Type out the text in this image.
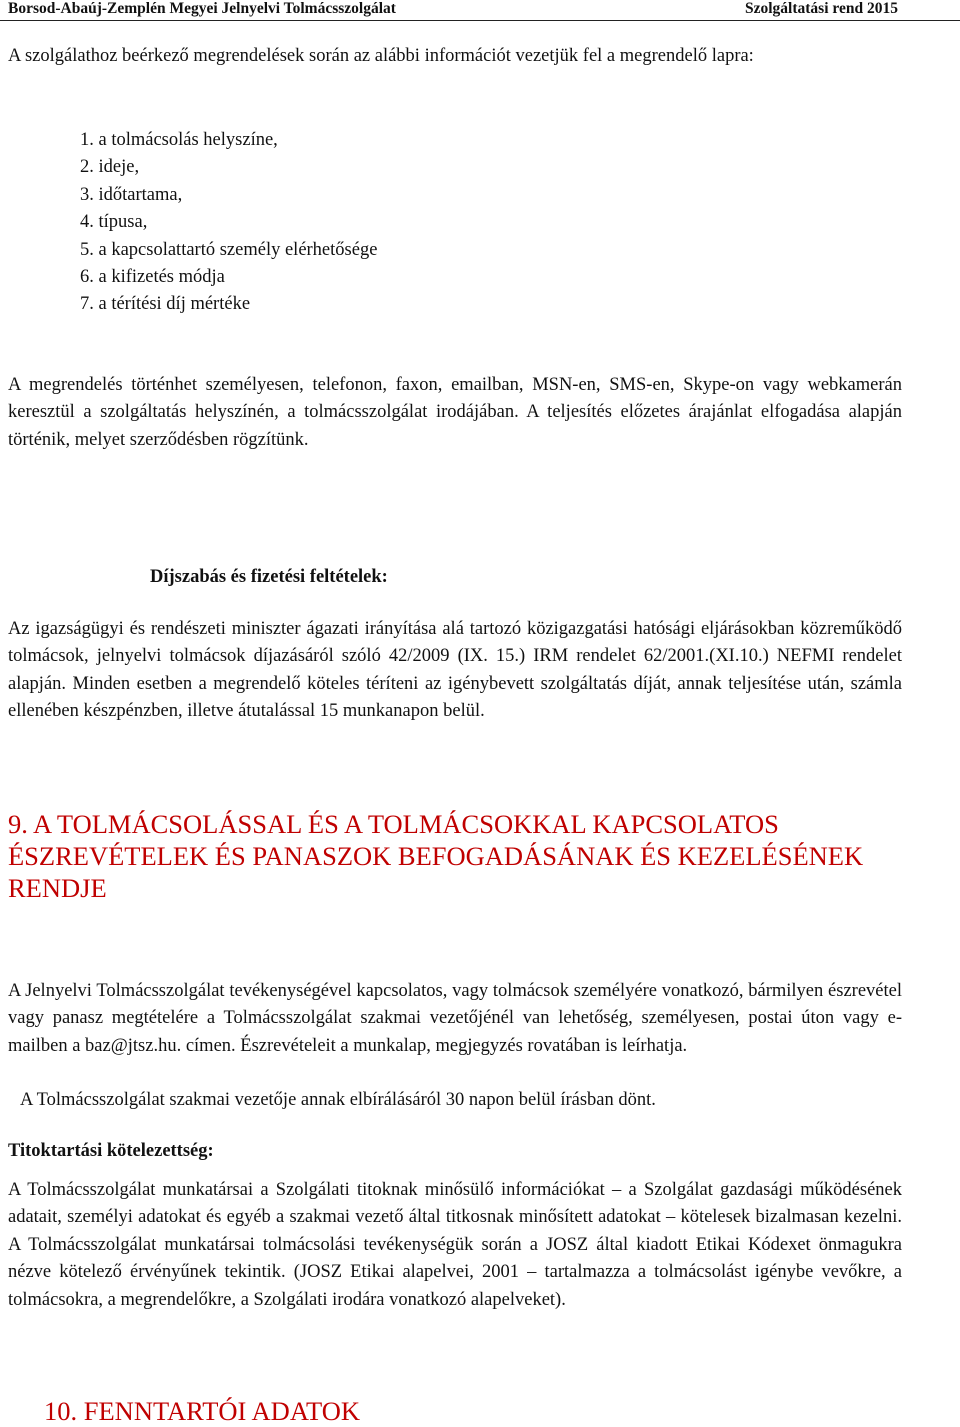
Borsod-Abaúj-Zemplén Megyei Jelnyelvi Tolmácsszolgálat	Szolgáltatási rend 2015

A szolgálathoz beérkező megrendelések során az alábbi információt vezetjük fel a megrendelő lapra:

1. a tolmácsolás helyszíne,
2. ideje,
3. időtartama,
4. típusa,
5. a kapcsolattartó személy elérhetősége
6. a kifizetés módja
7. a térítési díj mértéke

A megrendelés történhet személyesen, telefonon, faxon, emailban, MSN-en, SMS-en, Skype-on vagy webkamerán keresztül a szolgáltatás helyszínén, a tolmácsszolgálat irodájában. A teljesítés előzetes árajánlat elfogadása alapján történik, melyet szerződésben rögzítünk.

Díjszabás és fizetési feltételek:

Az igazságügyi és rendészeti miniszter ágazati irányítása alá tartozó közigazgatási hatósági eljárásokban közreműködő tolmácsok, jelnyelvi tolmácsok díjazásáról szóló 42/2009 (IX. 15.) IRM rendelet 62/2001.(XI.10.) NEFMI rendelet alapján. Minden esetben a megrendelő köteles téríteni az igénybevett szolgáltatás díját, annak teljesítése után, számla ellenében készpénzben, illetve átutalással 15 munkanapon belül.

9. A TOLMÁCSOLÁSSAL ÉS A TOLMÁCSOKKAL KAPCSOLATOS ÉSZREVÉTELEK ÉS PANASZOK BEFOGADÁSÁNAK ÉS KEZELÉSÉNEK RENDJE

A Jelnyelvi Tolmácsszolgálat tevékenységével kapcsolatos, vagy tolmácsok személyére vonatkozó, bármilyen észrevétel vagy panasz megtételére a Tolmácsszolgálat szakmai vezetőjénél van lehetőség, személyesen, postai úton vagy e-mailben a baz@jtsz.hu. címen. Észrevételeit a munkalap, megjegyzés rovatában is leírhatja.

A Tolmácsszolgálat szakmai vezetője annak elbírálásáról 30 napon belül írásban dönt.

Titoktartási kötelezettség:

A Tolmácsszolgálat munkatársai a Szolgálati titoknak minősülő információkat – a Szolgálat gazdasági működésének adatait, személyi adatokat és egyéb a szakmai vezető által titkosnak minősített adatokat – kötelesek bizalmasan kezelni. A Tolmácsszolgálat munkatársai tolmácsolási tevékenységük során a JOSZ által kiadott Etikai Kódexet önmagukra nézve kötelező érvényűnek tekintik. (JOSZ Etikai alapelvei, 2001 – tartalmazza a tolmácsolást igénybe vevőkre, a tolmácsokra, a megrendelőkre, a Szolgálati irodára vonatkozó alapelveket).

10. FENNTARTÓI ADATOK
